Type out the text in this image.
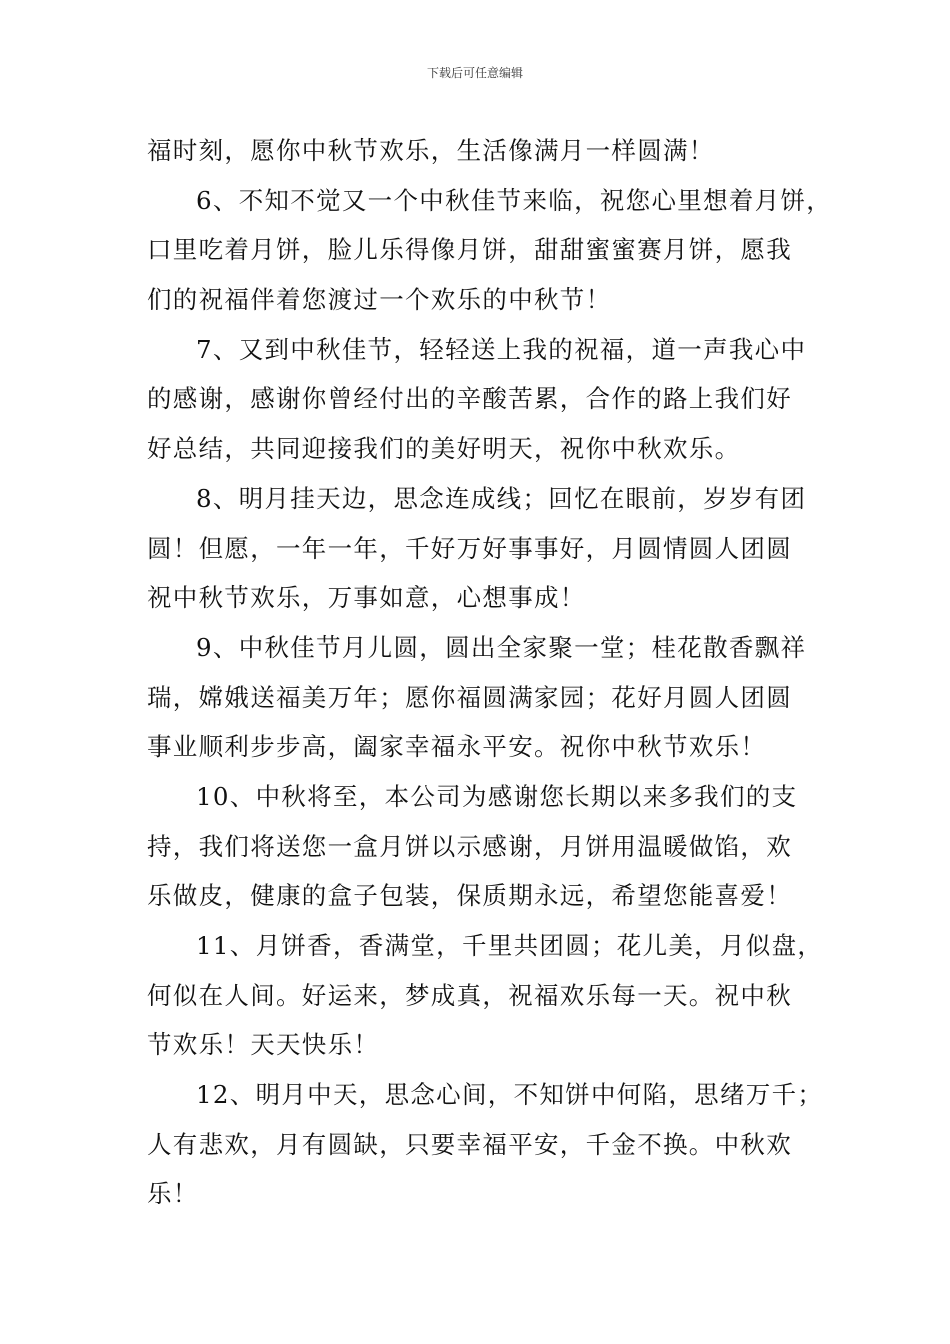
下载后可任意编辑
福时刻，愿你中秋节欢乐，生活像满月一样圆满！
6、不知不觉又一个中秋佳节来临，祝您心里想着月饼，
口里吃着月饼，脸儿乐得像月饼，甜甜蜜蜜赛月饼，愿我
们的祝福伴着您渡过一个欢乐的中秋节！
7、又到中秋佳节，轻轻送上我的祝福，道一声我心中
的感谢，感谢你曾经付出的辛酸苦累，合作的路上我们好
好总结，共同迎接我们的美好明天，祝你中秋欢乐。
8、明月挂天边，思念连成线；回忆在眼前，岁岁有团
圆！但愿，一年一年，千好万好事事好，月圆情圆人团圆
祝中秋节欢乐，万事如意，心想事成！
9、中秋佳节月儿圆，圆出全家聚一堂；桂花散香飘祥
瑞，嫦娥送福美万年；愿你福圆满家园；花好月圆人团圆
事业顺利步步高，阖家幸福永平安。祝你中秋节欢乐！
10、中秋将至，本公司为感谢您长期以来多我们的支
持，我们将送您一盒月饼以示感谢，月饼用温暖做馅，欢
乐做皮，健康的盒子包装，保质期永远，希望您能喜爱！
11、月饼香，香满堂，千里共团圆；花儿美，月似盘，
何似在人间。好运来，梦成真，祝福欢乐每一天。祝中秋
节欢乐！天天快乐！
12、明月中天，思念心间，不知饼中何陷，思绪万千；
人有悲欢，月有圆缺，只要幸福平安，千金不换。中秋欢
乐！
